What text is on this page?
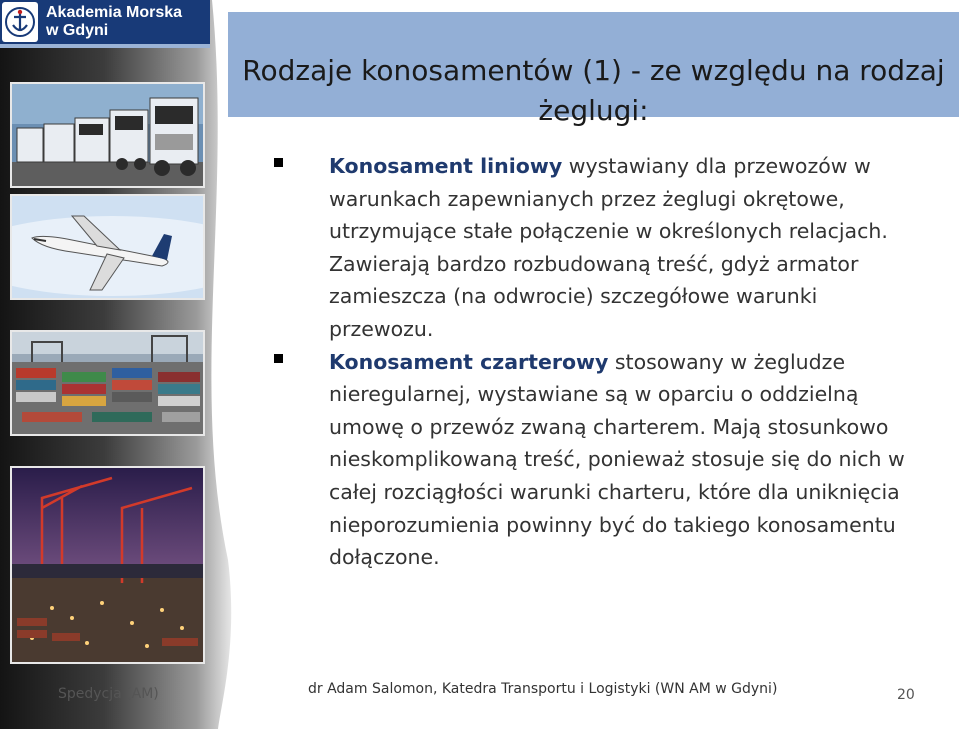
Akademia Morska
w Gdyni
Rodzaje konosamentów (1) - ze względu na rodzaj żeglugi:
Konosament liniowy wystawiany dla przewozów w warunkach zapewnianych przez żeglugi okrętowe, utrzymujące stałe połączenie w określonych relacjach. Zawierają bardzo rozbudowaną treść, gdyż armator zamieszcza (na odwrocie) szczegółowe warunki przewozu.
Konosament czarterowy stosowany w żegludze nieregularnej, wystawiane są w oparciu o oddzielną umowę o przewóz zwaną charterem. Mają stosunkowo nieskomplikowaną treść, ponieważ stosuje się do nich w całej rozciągłości warunki charteru, które dla uniknięcia nieporozumienia powinny być do takiego konosamentu dołączone.
Spedycja (AM)	dr Adam Salomon, Katedra Transportu i Logistyki (WN AM w Gdyni)	20
